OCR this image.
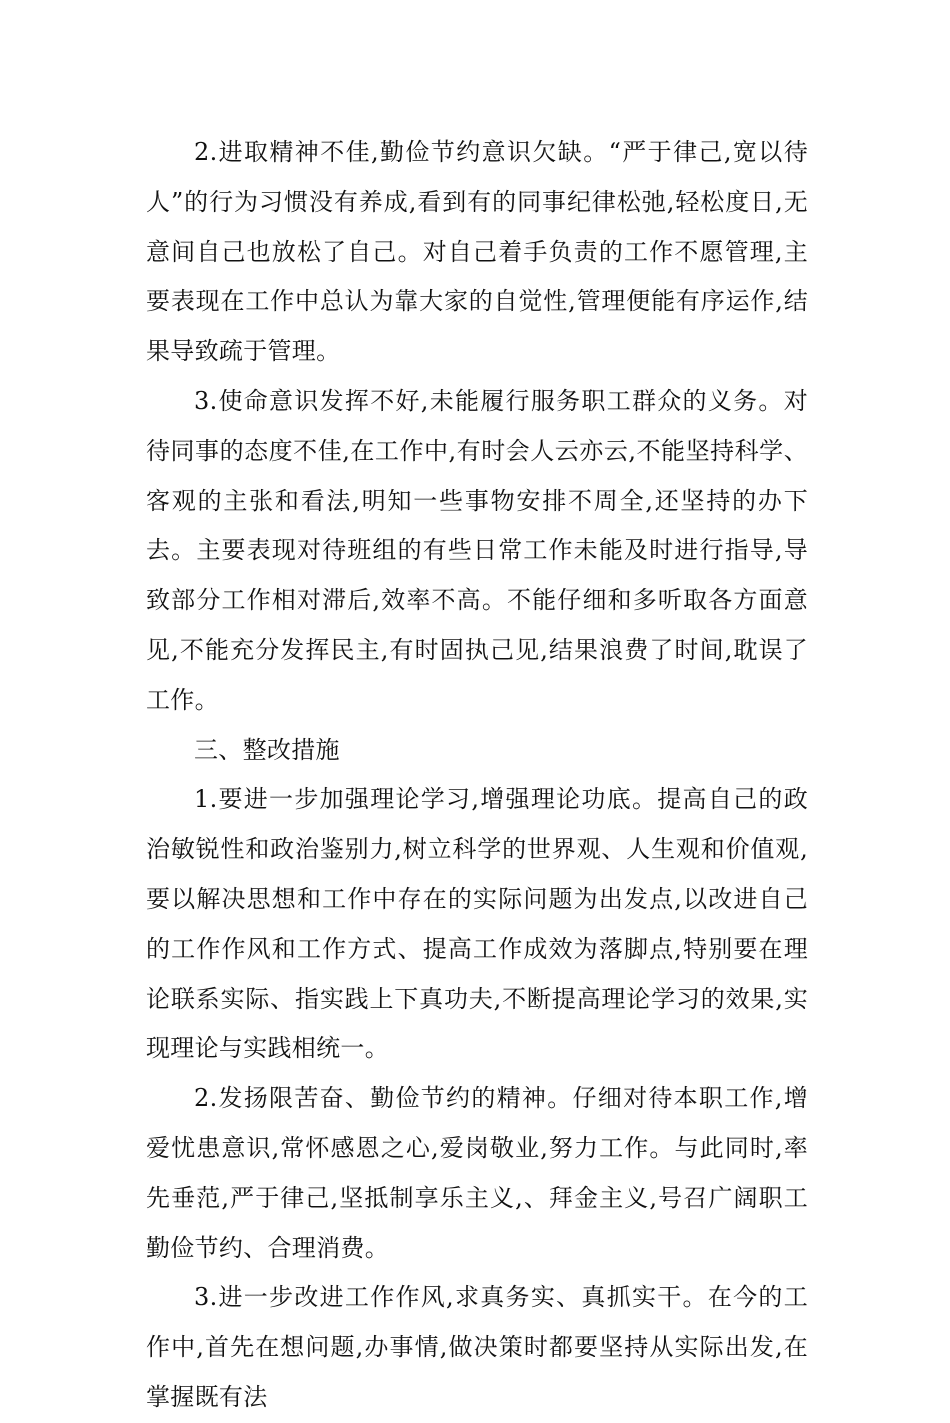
2.进取精神不佳,勤俭节约意识欠缺。“严于律己,宽以待人”的行为习惯没有养成,看到有的同事纪律松弛,轻松度日,无意间自己也放松了自己。对自己着手负责的工作不愿管理,主要表现在工作中总认为靠大家的自觉性,管理便能有序运作,结果导致疏于管理。

3.使命意识发挥不好,未能履行服务职工群众的义务。对待同事的态度不佳,在工作中,有时会人云亦云,不能坚持科学、客观的主张和看法,明知一些事物安排不周全,还坚持的办下去。主要表现对待班组的有些日常工作未能及时进行指导,导致部分工作相对滞后,效率不高。不能仔细和多听取各方面意见,不能充分发挥民主,有时固执己见,结果浪费了时间,耽误了工作。

三、整改措施

1.要进一步加强理论学习,增强理论功底。提高自己的政治敏锐性和政治鉴别力,树立科学的世界观、人生观和价值观,要以解决思想和工作中存在的实际问题为出发点,以改进自己的工作作风和工作方式、提高工作成效为落脚点,特别要在理论联系实际、指实践上下真功夫,不断提高理论学习的效果,实现理论与实践相统一。

2.发扬限苦奋、勤俭节约的精神。仔细对待本职工作,增爱忧患意识,常怀感恩之心,爱岗敬业,努力工作。与此同时,率先垂范,严于律己,坚抵制享乐主义,、拜金主义,号召广阔职工勤俭节约、合理消费。

3.进一步改进工作作风,求真务实、真抓实干。在今的工作中,首先在想问题,办事情,做决策时都要坚持从实际出发,在掌握既有法
